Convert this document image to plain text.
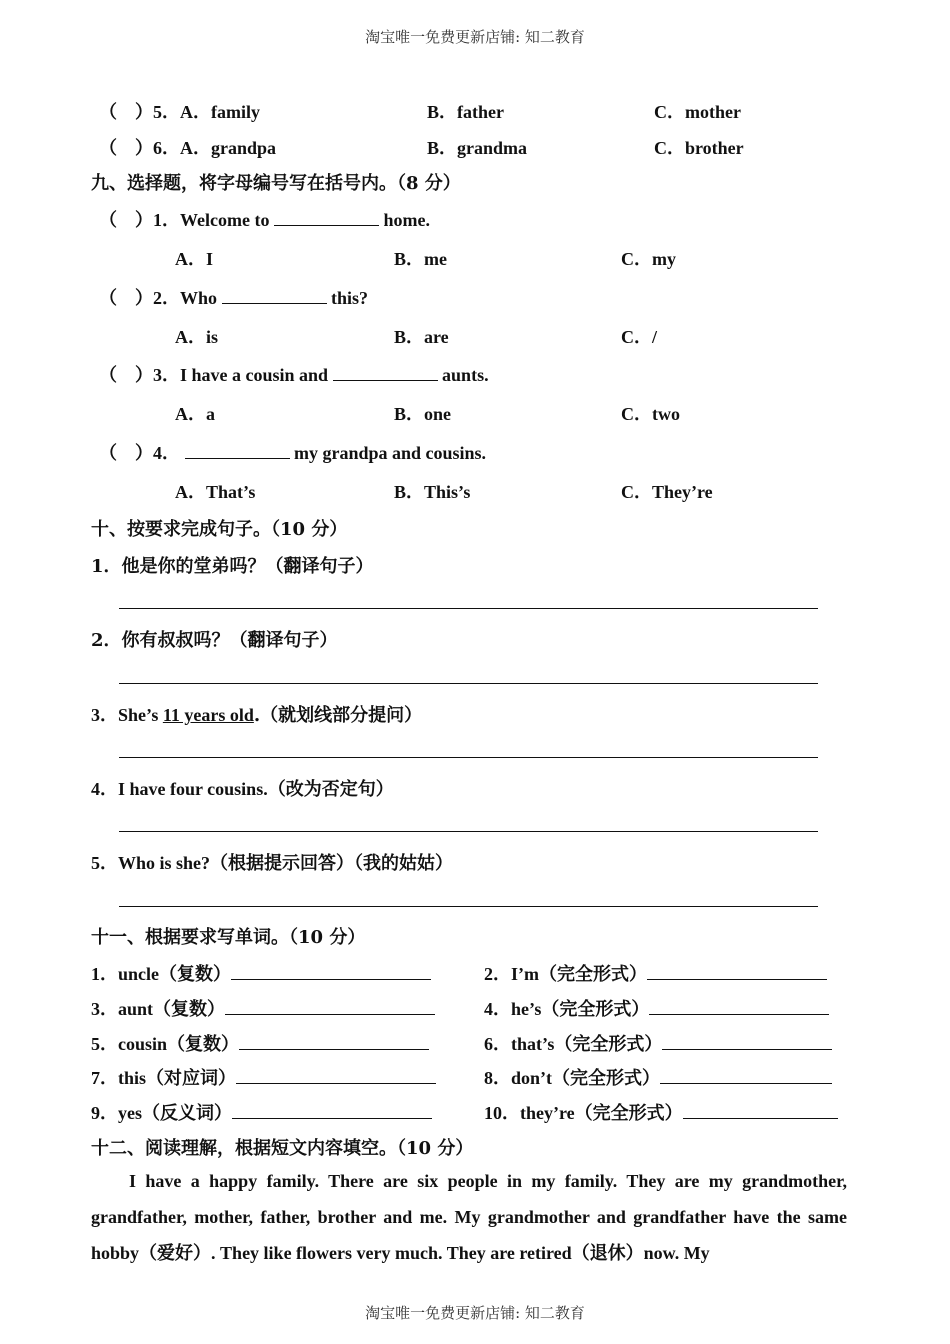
淘宝唯一免费更新店铺: 知二教育
（　）5．A．family	B．father	C．mother
（　）6．A．grandpa	B．grandma	C．brother
九、选择题，将字母编号写在括号内。（8 分）
（　）1．Welcome to	home.
A．I	B．me	C．my
（　）2．Who	this?
A．is	B．are	C．/
（　）3．I have a cousin and	aunts.
A．a	B．one	C．two
（　）4．	my grandpa and cousins.
A．That’s	B．This’s	C．They’re
十、按要求完成句子。（10 分）
1．他是你的堂弟吗？（翻译句子）
2．你有叔叔吗？（翻译句子）
3．She’s 11 years old.（就划线部分提问）
4．I have four cousins.（改为否定句）
5．Who is she?（根据提示回答）（我的姑姑）
十一、根据要求写单词。（10 分）
1．uncle（复数）	2．I’m（完全形式）
3．aunt（复数）	4．he’s（完全形式）
5．cousin（复数）	6．that’s（完全形式）
7．this（对应词）	8．don’t（完全形式）
9．yes（反义词）	10．they’re（完全形式）
十二、阅读理解，根据短文内容填空。（10 分）
I have a happy family. There are six people in my family. They are my grandmother, grandfather, mother, father, brother and me. My grandmother and grandfather have the same hobby（爱好）. They like flowers very much. They are retired（退休）now. My
淘宝唯一免费更新店铺: 知二教育
